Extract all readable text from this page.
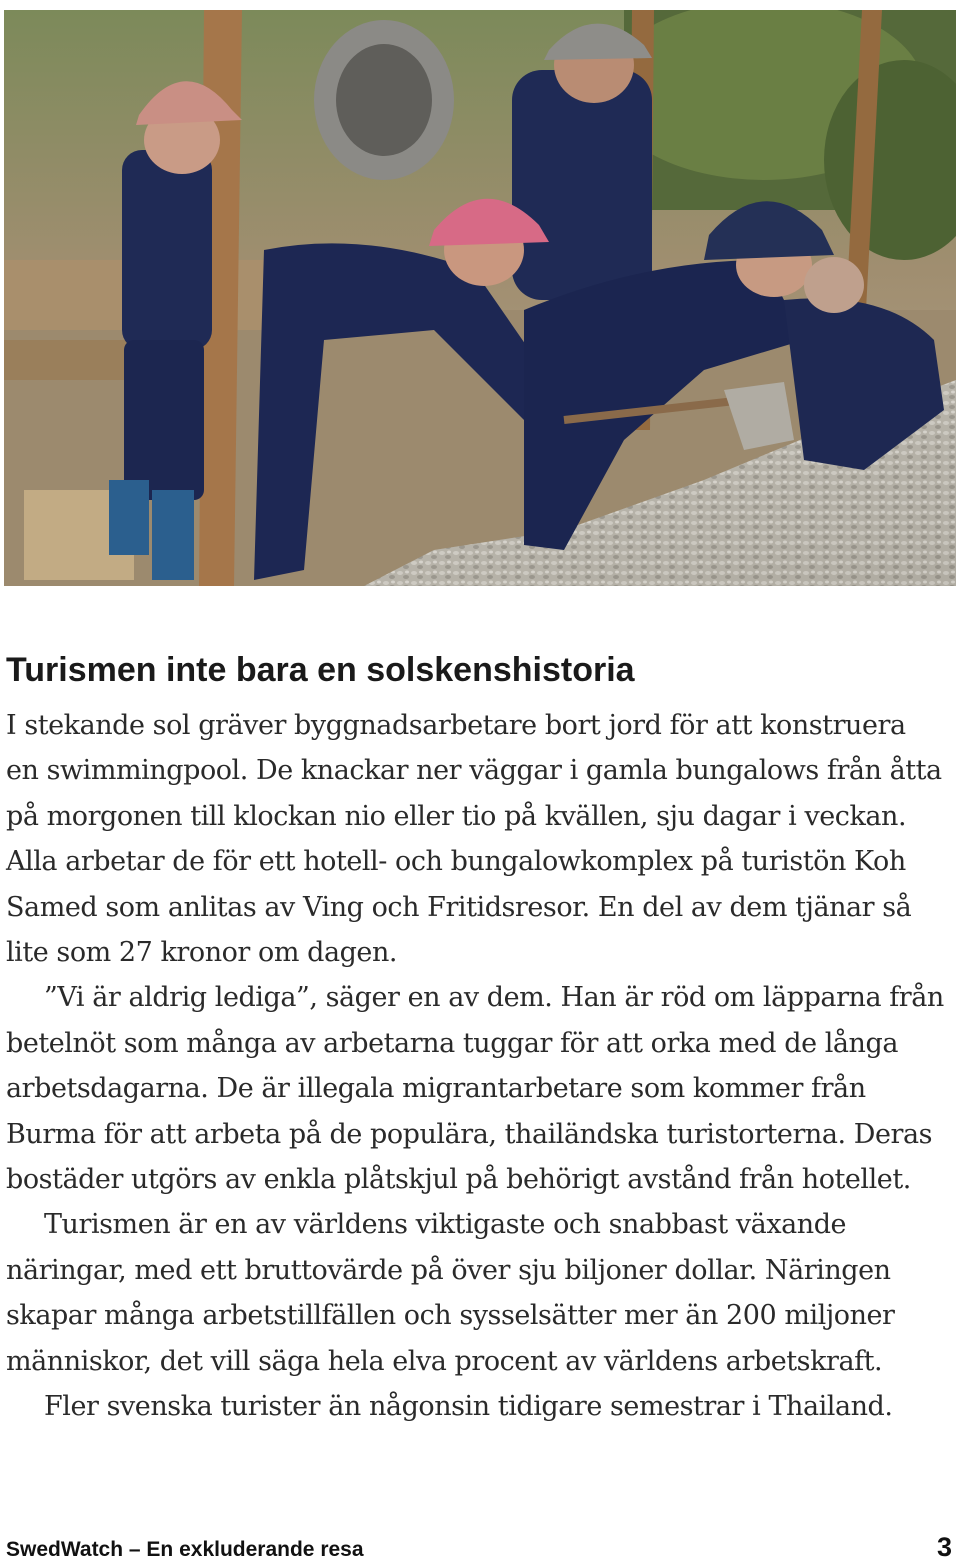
Turismen inte bara en solskenshistoria

I stekande sol gräver byggnadsarbetare bort jord för att konstruera en swimmingpool. De knackar ner väggar i gamla bungalows från åtta på morgonen till klockan nio eller tio på kvällen, sju dagar i veckan. Alla arbetar de för ett hotell- och bungalowkomplex på turistön Koh Samed som anlitas av Ving och Fritidsresor. En del av dem tjänar så lite som 27 kronor om dagen.

”Vi är aldrig lediga”, säger en av dem. Han är röd om läpparna från betelnöt som många av arbetarna tuggar för att orka med de långa arbetsdagarna. De är illegala migrantarbetare som kommer från Burma för att arbeta på de populära, thailändska turistorterna. Deras bostäder utgörs av enkla plåtskjul på behörigt avstånd från hotellet.

Turismen är en av världens viktigaste och snabbast växande näringar, med ett bruttovärde på över sju biljoner dollar. Näringen skapar många arbetstillfällen och sysselsätter mer än 200 miljoner människor, det vill säga hela elva procent av världens arbetskraft.

Fler svenska turister än någonsin tidigare semestrar i Thailand.

SwedWatch – En exkluderande resa	3
